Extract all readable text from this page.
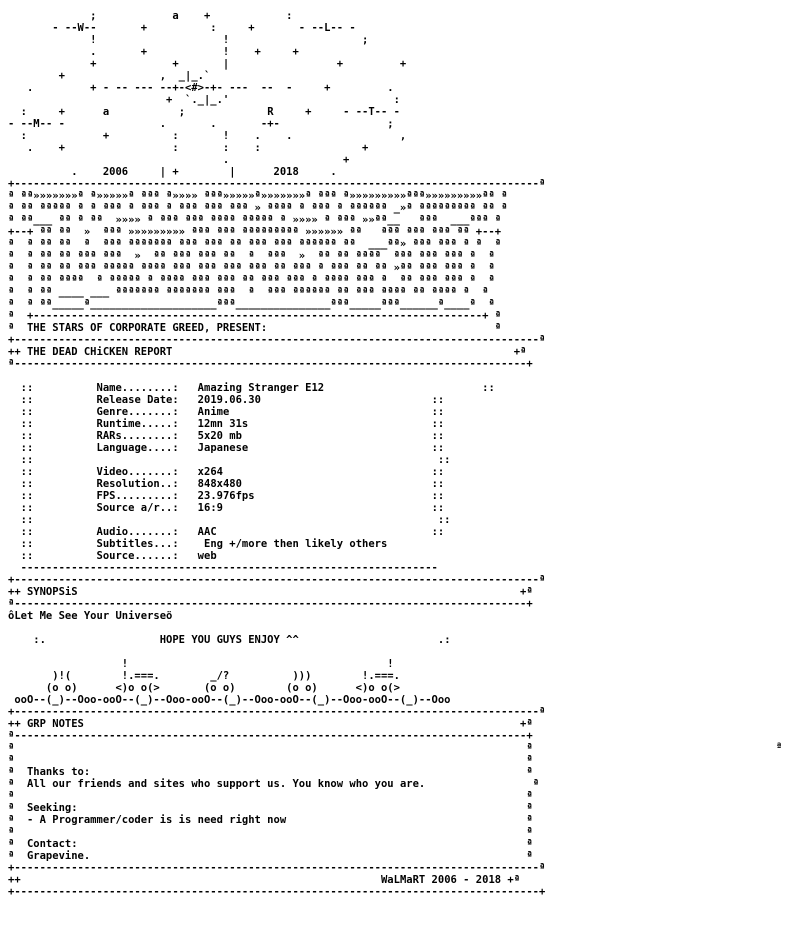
;            a    +            :
- --W--       +          :     +       - --L-- -
!                    !                     ;
.       +            !    +     +
+            +       |                 +         +
+               ,  _|_.`
.         + - -- --- --+-<#>-+- ---  --  -     +         .
+  `._|_.'                          :
:     +	a           ;             R	+     - --T-- -
- --M-- -               .       .       -+-                 ;
:            +          :       !    .    .                 ,
.    +                 :       :    :                +
.                  +
.    2006     | +        |      2018     .
+-----------------------------------------------------------------------------------ª
ª ªª»»»»»»»ª ª»»»»»ª ªªª ª»»»» ªªª»»»»»ª»»»»»»»ª ªªª ª»»»»»»»»»ªªª»»»»»»»»»ªª ª
ª ªª ªªªªª ª ª ªªª ª ªªª ª ªªª ªªª ªªª » ªªªª ª ªªª ª ªªªªªª _»ª ªªªªªªªªª ªª ª
ª ªª___ ªª ª ªª  »»»» ª ªªª ªªª ªªªª ªªªªª ª »»»» ª ªªª »»ªª__   ªªª  ___ªªª ª
+--+ ªª ªª  »  ªªª »»»»»»»»» ªªª ªªª ªªªªªªªªª »»»»»» ªª   ªªª ªªª ªªª ªª +--+
ª  ª ªª ªª  ª  ªªª ªªªªªªª ªªª ªªª ªª ªªª ªªª ªªªªªª ªª  ___ªª» ªªª ªªª ª ª  ª
ª  ª ªª ªª ªªª ªªª  »  ªª ªªª ªªª ªª  ª  ªªª  »  ªª ªª ªªªª  ªªª ªªª ªªª ª  ª
ª  ª ªª ªª ªªª ªªªªª ªªªª ªªª ªªª ªªª ªªª ªª ªªª ª ªªª ªª ªª »ªª ªªª ªªª ª  ª
ª  ª ªª ªªªª  ª ªªªªª ª ªªªª ªªª ªªª ªª ªªª ªªª ª ªªªª ªªª ª  ªª ªªª ªªª ª  ª
ª  ª ªª ____ ___ ªªªªªªª ªªªªªªª ªªª  ª  ªªª ªªªªªª ªª ªªª ªªªª ªª ªªªª ª  ª
ª  ª ªª_____ª____________________ªªª_______________ªªª_____ªªª______ª____ª  ª
ª  +-----------------------------------------------------------------------+ ª
ª  THE STARS OF CORPORATE GREED, PRESENT:	ª
+-----------------------------------------------------------------------------------ª
++ THE DEAD CHiCKEN REPORT	+ª
ª---------------------------------------------------------------------------------+

::	Name........: Amazing Stranger E12	::
::	Release Date: 2019.06.30	::
::	Genre.......: Anime	::
::	Runtime.....: 12mn 31s	::
::	RARs........: 5x20 mb	::
::	Language....: Japanese	::
::                                                                ::
::	Video.......: x264	::
::	Resolution..: 848x480	::
::	FPS.........: 23.976fps	::
::	Source a/r..: 16:9	::
::                                                                ::
::	Audio.......: AAC	::
::	Subtitles...:    Eng +/more then likely others
::	Source......: web
------------------------------------------------------------------
+-----------------------------------------------------------------------------------ª
++ SYNOPSiS	+ª
ª---------------------------------------------------------------------------------+
ôLet Me See Your Universeö

:.	HOPE YOU GUYS ENJOY ^^	.:

!                                         !
)!(        !.===.        _/?          )))        !.===.
(o o)      <)o o(>       (o o)        (o o)      <)o o(>
ooO--(_)--Ooo-ooO--(_)--Ooo-ooO--(_)--Ooo-ooO--(_)--Ooo-ooO--(_)--Ooo
+-----------------------------------------------------------------------------------ª
++ GRP NOTES	+ª
ª---------------------------------------------------------------------------------+
ª                                                                                 ª
ª                                                                                 ª
ª  Thanks to:	ª
ª  All our friends and sites who support us. You know who you are.	ª
ª                                                                                 ª
ª  Seeking:	ª
ª  - A Programmer/coder is is need right now	ª
ª                                                                                 ª
ª  Contact:	ª
ª  Grapevine.	ª
+-----------------------------------------------------------------------------------ª
++	WaLMaRT 2006 - 2018 +ª
+-----------------------------------------------------------------------------------+
ª
